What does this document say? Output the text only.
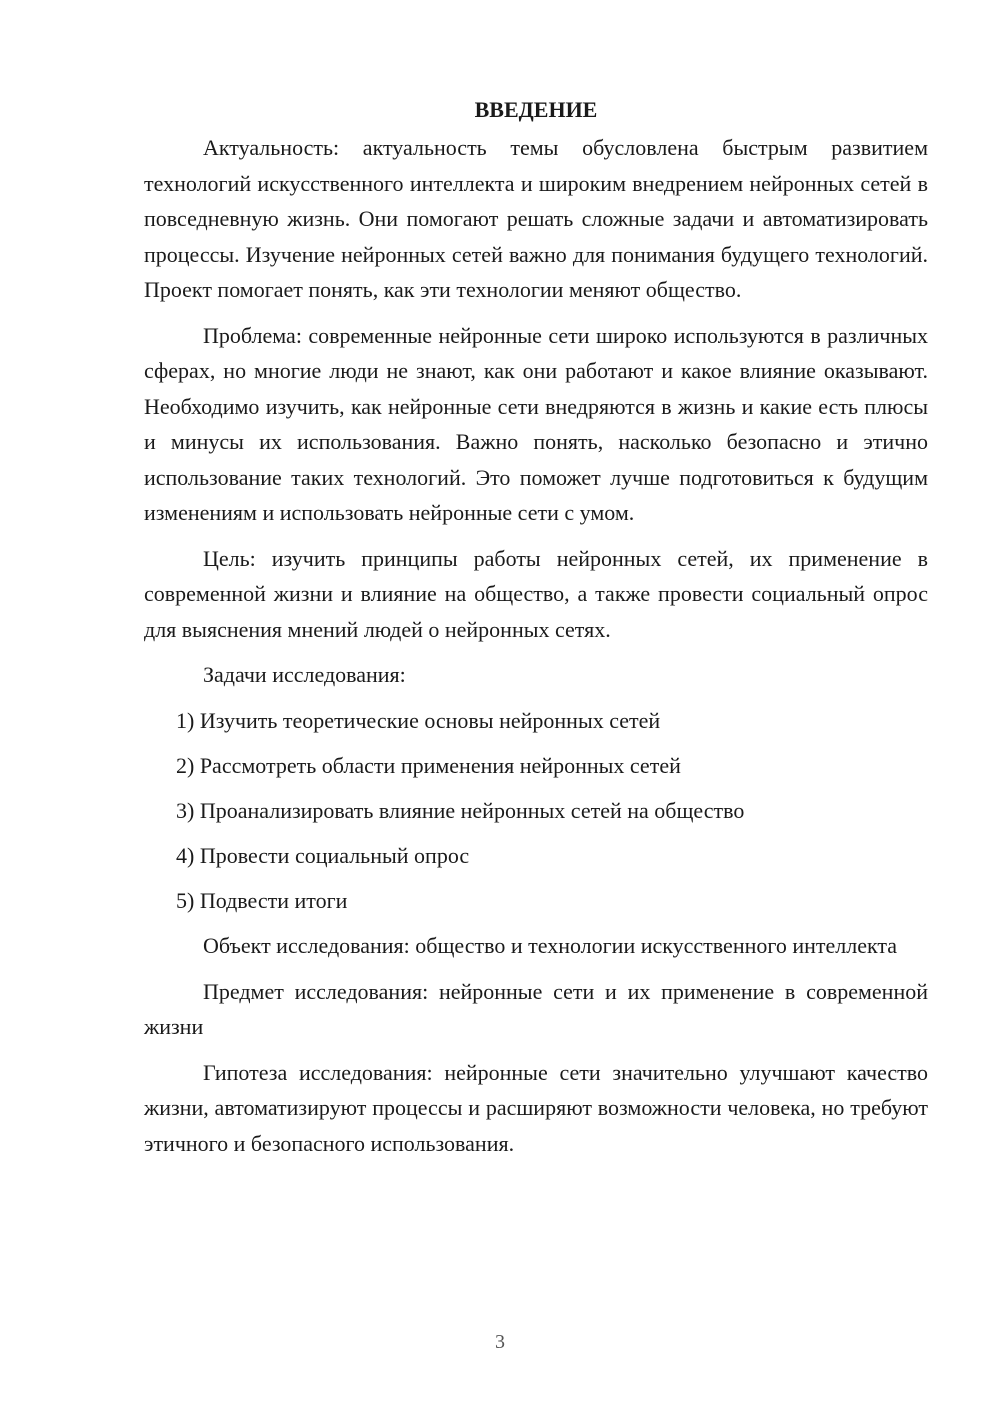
ВВЕДЕНИЕ

Актуальность: актуальность темы обусловлена быстрым развитием технологий искусственного интеллекта и широким внедрением нейронных сетей в повседневную жизнь. Они помогают решать сложные задачи и автоматизировать процессы. Изучение нейронных сетей важно для понимания будущего технологий. Проект помогает понять, как эти технологии меняют общество.

Проблема: современные нейронные сети широко используются в различных сферах, но многие люди не знают, как они работают и какое влияние оказывают. Необходимо изучить, как нейронные сети внедряются в жизнь и какие есть плюсы и минусы их использования. Важно понять, насколько безопасно и этично использование таких технологий. Это поможет лучше подготовиться к будущим изменениям и использовать нейронные сети с умом.

Цель: изучить принципы работы нейронных сетей, их применение в современной жизни и влияние на общество, а также провести социальный опрос для выяснения мнений людей о нейронных сетях.

Задачи исследования:

1) Изучить теоретические основы нейронных сетей
2) Рассмотреть области применения нейронных сетей
3) Проанализировать влияние нейронных сетей на общество
4) Провести социальный опрос
5) Подвести итоги

Объект исследования: общество и технологии искусственного интеллекта

Предмет исследования: нейронные сети и их применение в современной жизни

Гипотеза исследования: нейронные сети значительно улучшают качество жизни, автоматизируют процессы и расширяют возможности человека, но требуют этичного и безопасного использования.

3
